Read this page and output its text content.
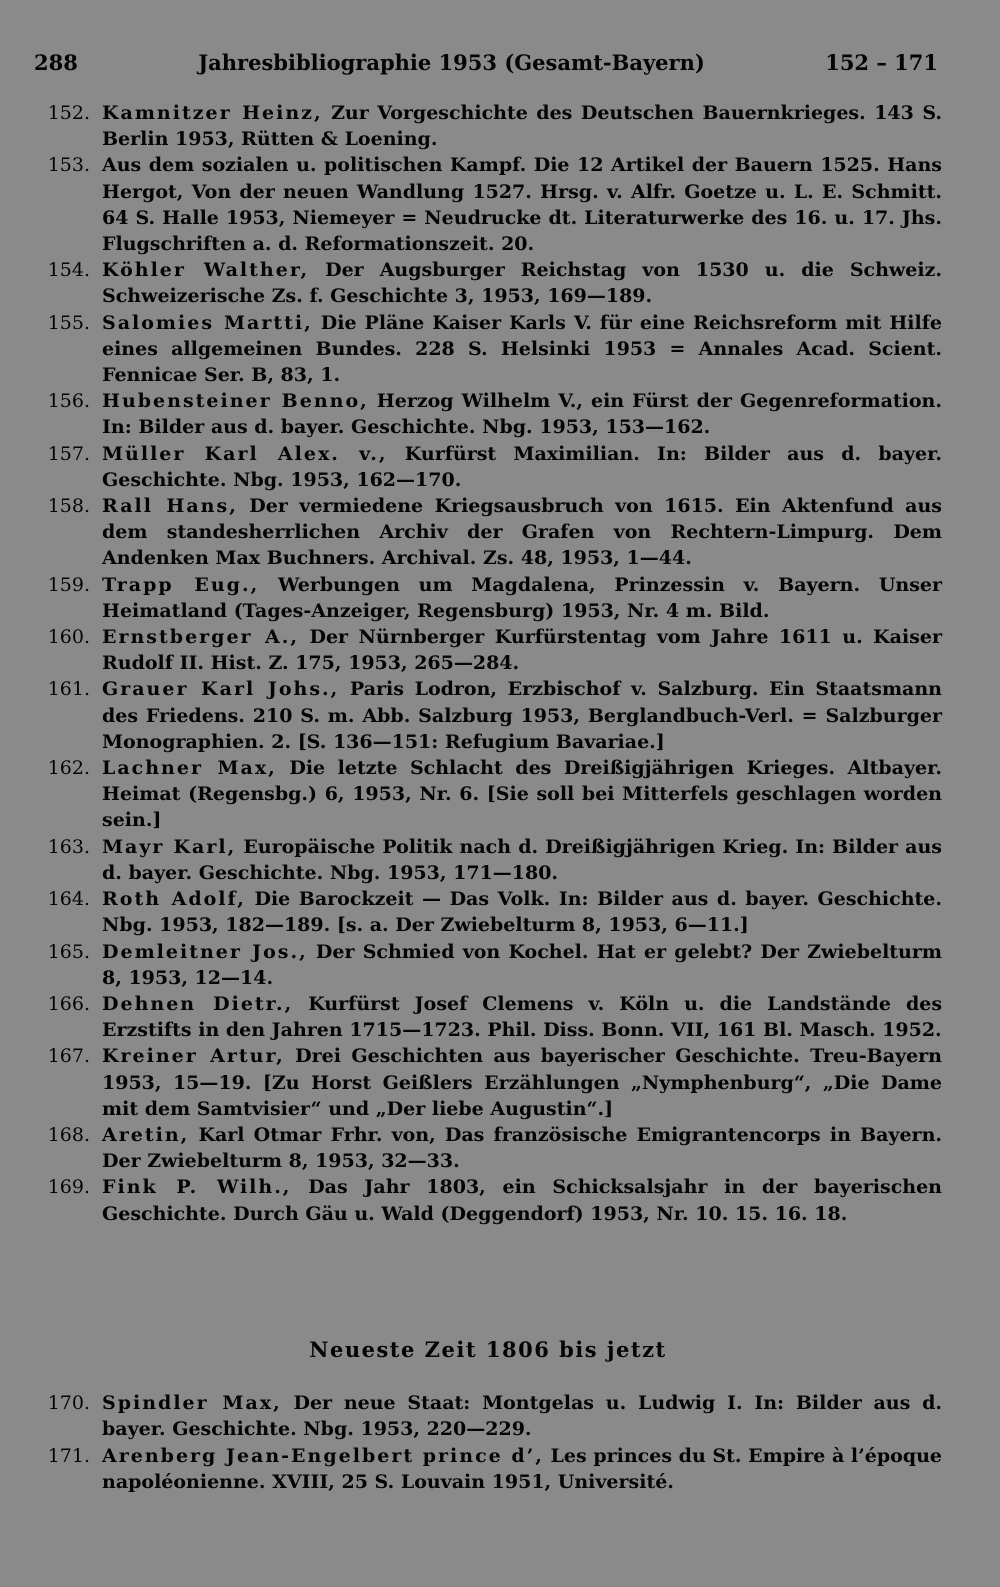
288	Jahresbibliographie 1953 (Gesamt-Bayern)	152 – 171
152. Kamnitzer Heinz, Zur Vorgeschichte des Deutschen Bauernkrieges. 143 S. Berlin 1953, Rütten & Loening.
153. Aus dem sozialen u. politischen Kampf. Die 12 Artikel der Bauern 1525. Hans Hergot, Von der neuen Wandlung 1527. Hrsg. v. Alfr. Goetze u. L. E. Schmitt. 64 S. Halle 1953, Niemeyer = Neudrucke dt. Literaturwerke des 16. u. 17. Jhs. Flugschriften a. d. Reformationszeit. 20.
154. Köhler Walther, Der Augsburger Reichstag von 1530 u. die Schweiz. Schweizerische Zs. f. Geschichte 3, 1953, 169—189.
155. Salomies Martti, Die Pläne Kaiser Karls V. für eine Reichsreform mit Hilfe eines allgemeinen Bundes. 228 S. Helsinki 1953 = Annales Acad. Scient. Fennicae Ser. B, 83, 1.
156. Hubensteiner Benno, Herzog Wilhelm V., ein Fürst der Gegenreformation. In: Bilder aus d. bayer. Geschichte. Nbg. 1953, 153—162.
157. Müller Karl Alex. v., Kurfürst Maximilian. In: Bilder aus d. bayer. Geschichte. Nbg. 1953, 162—170.
158. Rall Hans, Der vermiedene Kriegsausbruch von 1615. Ein Aktenfund aus dem standesherrlichen Archiv der Grafen von Rechtern-Limpurg. Dem Andenken Max Buchners. Archival. Zs. 48, 1953, 1—44.
159. Trapp Eug., Werbungen um Magdalena, Prinzessin v. Bayern. Unser Heimatland (Tages-Anzeiger, Regensburg) 1953, Nr. 4 m. Bild.
160. Ernstberger A., Der Nürnberger Kurfürstentag vom Jahre 1611 u. Kaiser Rudolf II. Hist. Z. 175, 1953, 265—284.
161. Grauer Karl Johs., Paris Lodron, Erzbischof v. Salzburg. Ein Staatsmann des Friedens. 210 S. m. Abb. Salzburg 1953, Berglandbuch-Verl. = Salzburger Monographien. 2. [S. 136—151: Refugium Bavariae.]
162. Lachner Max, Die letzte Schlacht des Dreißigjährigen Krieges. Altbayer. Heimat (Regensbg.) 6, 1953, Nr. 6. [Sie soll bei Mitterfels geschlagen worden sein.]
163. Mayr Karl, Europäische Politik nach d. Dreißigjährigen Krieg. In: Bilder aus d. bayer. Geschichte. Nbg. 1953, 171—180.
164. Roth Adolf, Die Barockzeit — Das Volk. In: Bilder aus d. bayer. Geschichte. Nbg. 1953, 182—189. [s. a. Der Zwiebelturm 8, 1953, 6—11.]
165. Demleitner Jos., Der Schmied von Kochel. Hat er gelebt? Der Zwiebelturm 8, 1953, 12—14.
166. Dehnen Dietr., Kurfürst Josef Clemens v. Köln u. die Landstände des Erzstifts in den Jahren 1715—1723. Phil. Diss. Bonn. VII, 161 Bl. Masch. 1952.
167. Kreiner Artur, Drei Geschichten aus bayerischer Geschichte. Treu-Bayern 1953, 15—19. [Zu Horst Geißlers Erzählungen „Nymphenburg“, „Die Dame mit dem Samtvisier“ und „Der liebe Augustin“.]
168. Aretin, Karl Otmar Frhr. von, Das französische Emigrantencorps in Bayern. Der Zwiebelturm 8, 1953, 32—33.
169. Fink P. Wilh., Das Jahr 1803, ein Schicksalsjahr in der bayerischen Geschichte. Durch Gäu u. Wald (Deggendorf) 1953, Nr. 10. 15. 16. 18.
Neueste Zeit 1806 bis jetzt
170. Spindler Max, Der neue Staat: Montgelas u. Ludwig I. In: Bilder aus d. bayer. Geschichte. Nbg. 1953, 220—229.
171. Arenberg Jean-Engelbert prince d’, Les princes du St. Empire à l’époque napoléonienne. XVIII, 25 S. Louvain 1951, Université.
